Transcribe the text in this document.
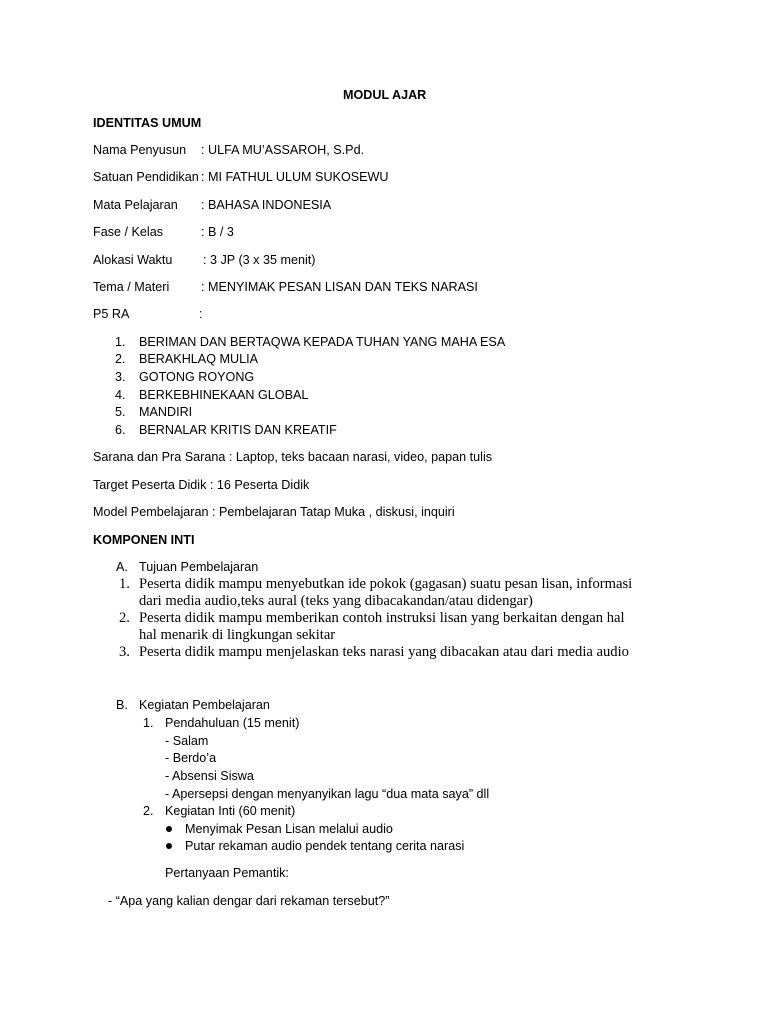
MODUL AJAR
IDENTITAS UMUM
Nama Penyusun : ULFA MU’ASSAROH, S.Pd.
Satuan Pendidikan : MI FATHUL ULUM SUKOSEWU
Mata Pelajaran : BAHASA INDONESIA
Fase / Kelas	: B / 3
Alokasi Waktu : 3 JP (3 x 35 menit)
Tema / Materi	: MENYIMAK PESAN LISAN DAN TEKS NARASI
P5 RA	:
1. BERIMAN DAN BERTAQWA KEPADA TUHAN YANG MAHA ESA
2. BERAKHLAQ MULIA
3. GOTONG ROYONG
4. BERKEBHINEKAAN GLOBAL
5. MANDIRI
6. BERNALAR KRITIS DAN KREATIF
Sarana dan Pra Sarana : Laptop, teks bacaan narasi, video, papan tulis
Target Peserta Didik : 16 Peserta Didik
Model Pembelajaran : Pembelajaran Tatap Muka , diskusi, inquiri
KOMPONEN INTI
A. Tujuan Pembelajaran
1. Peserta didik mampu menyebutkan ide pokok (gagasan) suatu pesan lisan, informasi
dari media audio,teks aural (teks yang dibacakandan/atau didengar)
2. Peserta didik mampu memberikan contoh instruksi lisan yang berkaitan dengan hal
hal menarik di lingkungan sekitar
3. Peserta didik mampu menjelaskan teks narasi yang dibacakan atau dari media audio
B. Kegiatan Pembelajaran
1. Pendahuluan (15 menit)
- Salam
- Berdo’a
- Absensi Siswa
- Apersepsi dengan menyanyikan lagu “dua mata saya” dll
2. Kegiatan Inti (60 menit)
Menyimak Pesan Lisan melalui audio
Putar rekaman audio pendek tentang cerita narasi
Pertanyaan Pemantik:
- “Apa yang kalian dengar dari rekaman tersebut?”
